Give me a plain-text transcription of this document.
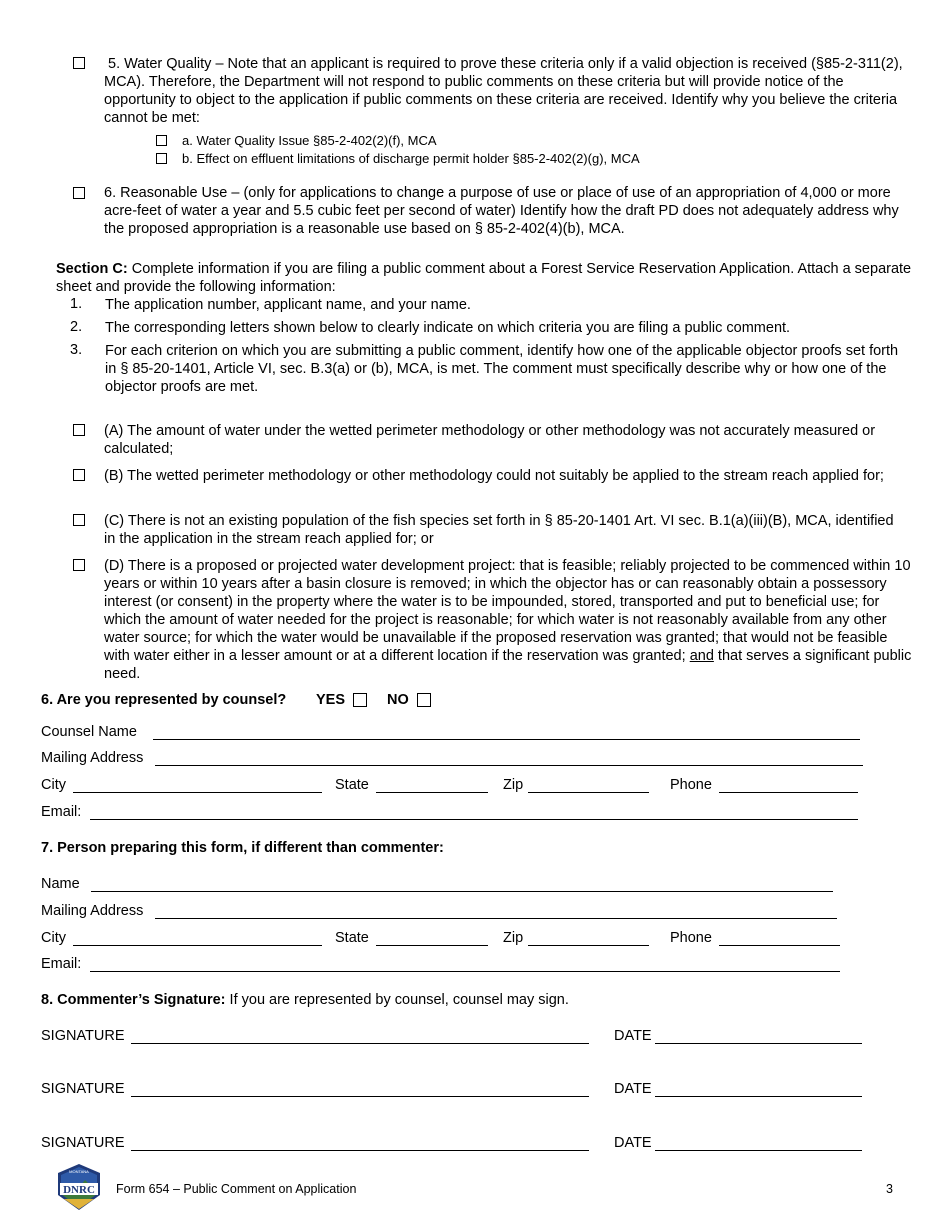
5. Water Quality – Note that an applicant is required to prove these criteria only if a valid objection is received (§85-2-311(2), MCA). Therefore, the Department will not respond to public comments on these criteria but will provide notice of the opportunity to object to the application if public comments on these criteria are received. Identify why you believe the criteria cannot be met:
a. Water Quality Issue §85-2-402(2)(f), MCA
b. Effect on effluent limitations of discharge permit holder §85-2-402(2)(g), MCA
6. Reasonable Use – (only for applications to change a purpose of use or place of use of an appropriation of 4,000 or more acre-feet of water a year and 5.5 cubic feet per second of water) Identify how the draft PD does not adequately address why the proposed appropriation is a reasonable use based on § 85-2-402(4)(b), MCA.
Section C: Complete information if you are filing a public comment about a Forest Service Reservation Application. Attach a separate sheet and provide the following information:
1. The application number, applicant name, and your name.
2. The corresponding letters shown below to clearly indicate on which criteria you are filing a public comment.
3. For each criterion on which you are submitting a public comment, identify how one of the applicable objector proofs set forth in § 85-20-1401, Article VI, sec. B.3(a) or (b), MCA, is met. The comment must specifically describe why or how one of the objector proofs are met.
(A) The amount of water under the wetted perimeter methodology or other methodology was not accurately measured or calculated;
(B) The wetted perimeter methodology or other methodology could not suitably be applied to the stream reach applied for;
(C) There is not an existing population of the fish species set forth in § 85-20-1401 Art. VI sec. B.1(a)(iii)(B), MCA, identified in the application in the stream reach applied for; or
(D) There is a proposed or projected water development project: that is feasible; reliably projected to be commenced within 10 years or within 10 years after a basin closure is removed; in which the objector has or can reasonably obtain a possessory interest (or consent) in the property where the water is to be impounded, stored, transported and put to beneficial use; for which the amount of water needed for the project is reasonable; for which water is not reasonably available from any other water source; for which the water would be unavailable if the proposed reservation was granted; that would not be feasible with water either in a lesser amount or at a different location if the reservation was granted; and that serves a significant public need.
6. Are you represented by counsel? YES	NO
Counsel Name
Mailing Address
City	State	Zip	Phone
Email:
7. Person preparing this form, if different than commenter:
Name
Mailing Address
City	State	Zip	Phone
Email:
8. Commenter’s Signature: If you are represented by counsel, counsel may sign.
SIGNATURE	DATE
SIGNATURE	DATE
SIGNATURE	DATE
DNRC
MONTANA
Form 654 – Public Comment on Application	3
